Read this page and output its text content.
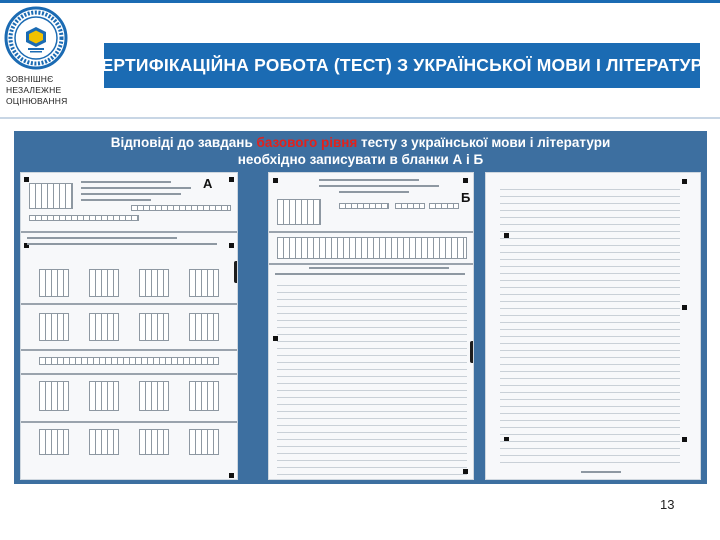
ЗОВНІШНЄ
НЕЗАЛЕЖНЕ
ОЦІНЮВАННЯ
СЕРТИФІКАЦІЙНА РОБОТА (ТЕСТ) З УКРАЇНСЬКОЇ МОВИ І ЛІТЕРАТУРИ
Відповіді до завдань базового рівня тесту з української мови і літератури
необхідно записувати в бланки А і Б
А
Б
13
